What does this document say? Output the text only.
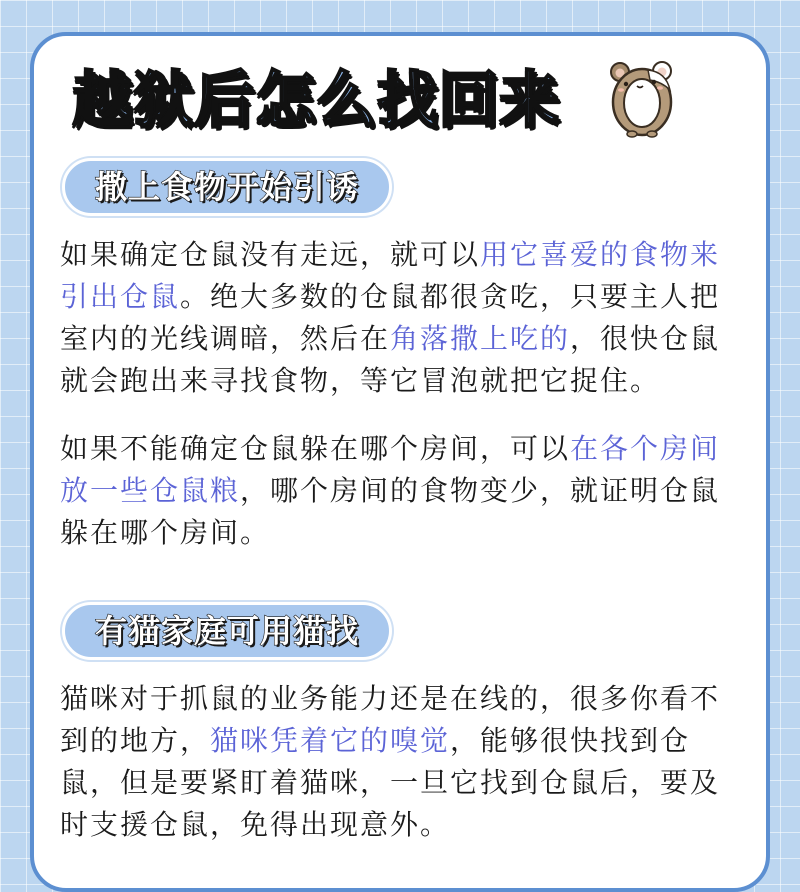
越狱后怎么找回来
撒上食物开始引诱

如果确定仓鼠没有走远，就可以用它喜爱的食物来引出仓鼠。绝大多数的仓鼠都很贪吃，只要主人把室内的光线调暗，然后在角落撒上吃的，很快仓鼠就会跑出来寻找食物，等它冒泡就把它捉住。

如果不能确定仓鼠躲在哪个房间，可以在各个房间放一些仓鼠粮，哪个房间的食物变少，就证明仓鼠躲在哪个房间。

有猫家庭可用猫找

猫咪对于抓鼠的业务能力还是在线的，很多你看不到的地方，猫咪凭着它的嗅觉，能够很快找到仓鼠，但是要紧盯着猫咪，一旦它找到仓鼠后，要及时支援仓鼠，免得出现意外。
